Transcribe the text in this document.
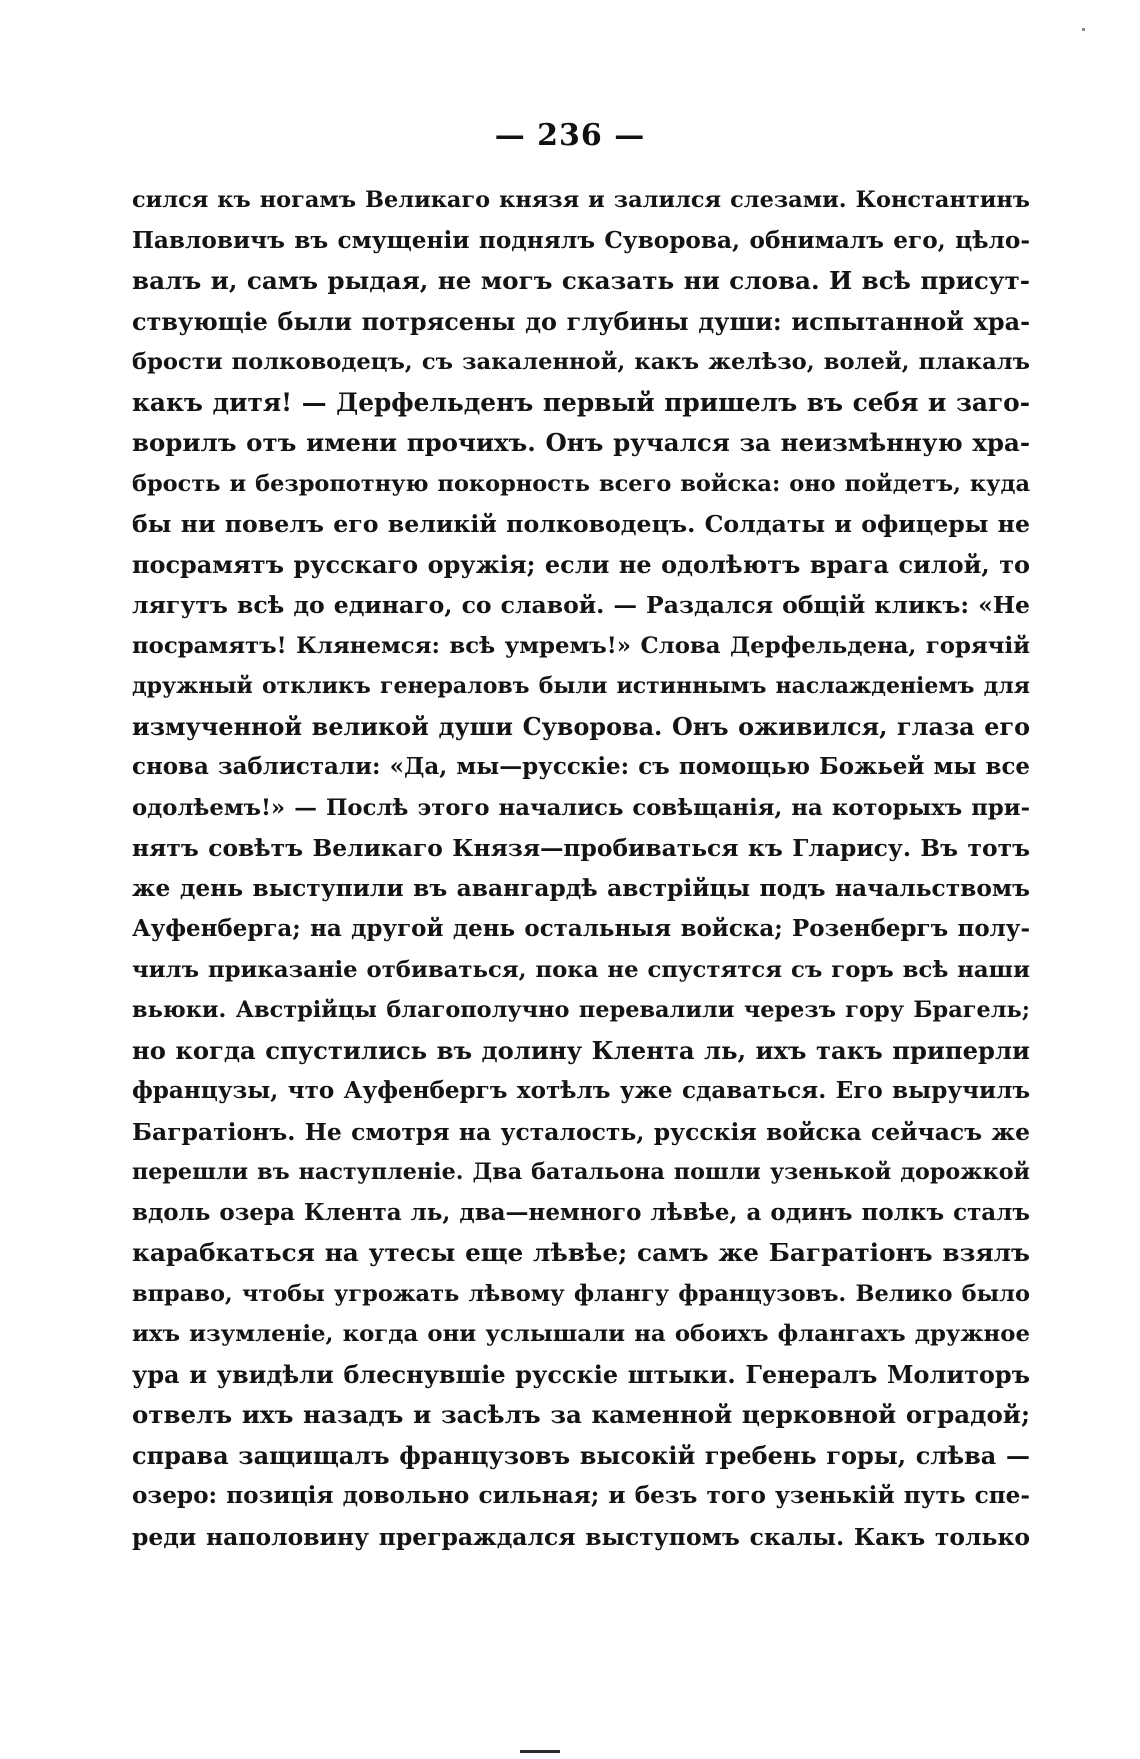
— 236 —
сился къ ногамъ Великаго князя и залился слезами. Константинъ
Павловичъ въ смущеніи поднялъ Суворова, обнималъ его, цѣло-
валъ и, самъ рыдая, не могъ сказать ни слова. И всѣ присут-
ствующіе были потрясены до глубины души: испытанной хра-
брости полководецъ, съ закаленной, какъ желѣзо, волей, плакалъ
какъ дитя! — Дерфельденъ первый пришелъ въ себя и заго-
ворилъ отъ имени прочихъ. Онъ ручался за неизмѣнную хра-
брость и безропотную покорность всего войска: оно пойдетъ, куда
бы ни повелъ его великій полководецъ. Солдаты и офицеры не
посрамятъ русскаго оружія; если не одолѣютъ врага силой, то
лягутъ всѣ до единаго, со славой. — Раздался общій кликъ: «Не
посрамятъ! Клянемся: всѣ умремъ!» Слова Дерфельдена, горячій
дружный откликъ генераловъ были истиннымъ наслажденіемъ для
измученной великой души Суворова. Онъ оживился, глаза его
снова заблистали: «Да, мы—русскіе: съ помощью Божьей мы все
одолѣемъ!» — Послѣ этого начались совѣщанія, на которыхъ при-
нятъ совѣтъ Великаго Князя—пробиваться къ Гларису. Въ тотъ
же день выступили въ авангардѣ австрійцы подъ начальствомъ
Ауфенберга; на другой день остальныя войска; Розенбергъ полу-
чилъ приказаніе отбиваться, пока не спустятся съ горъ всѣ наши
вьюки. Австрійцы благополучно перевалили черезъ гору Брагель;
но когда спустились въ долину Клента ль, ихъ такъ приперли
французы, что Ауфенбергъ хотѣлъ уже сдаваться. Его выручилъ
Багратіонъ. Не смотря на усталость, русскія войска сейчасъ же
перешли въ наступленіе. Два батальона пошли узенькой дорожкой
вдоль озера Клента ль, два—немного лѣвѣе, а одинъ полкъ сталъ
карабкаться на утесы еще лѣвѣе; самъ же Багратіонъ взялъ
вправо, чтобы угрожать лѣвому флангу французовъ. Велико было
ихъ изумленіе, когда они услышали на обоихъ флангахъ дружное
ура и увидѣли блеснувшіе русскіе штыки. Генералъ Молиторъ
отвелъ ихъ назадъ и засѣлъ за каменной церковной оградой;
справа защищалъ французовъ высокій гребень горы, слѣва —
озеро: позиція довольно сильная; и безъ того узенькій путь спе-
реди наполовину преграждался выступомъ скалы. Какъ только
